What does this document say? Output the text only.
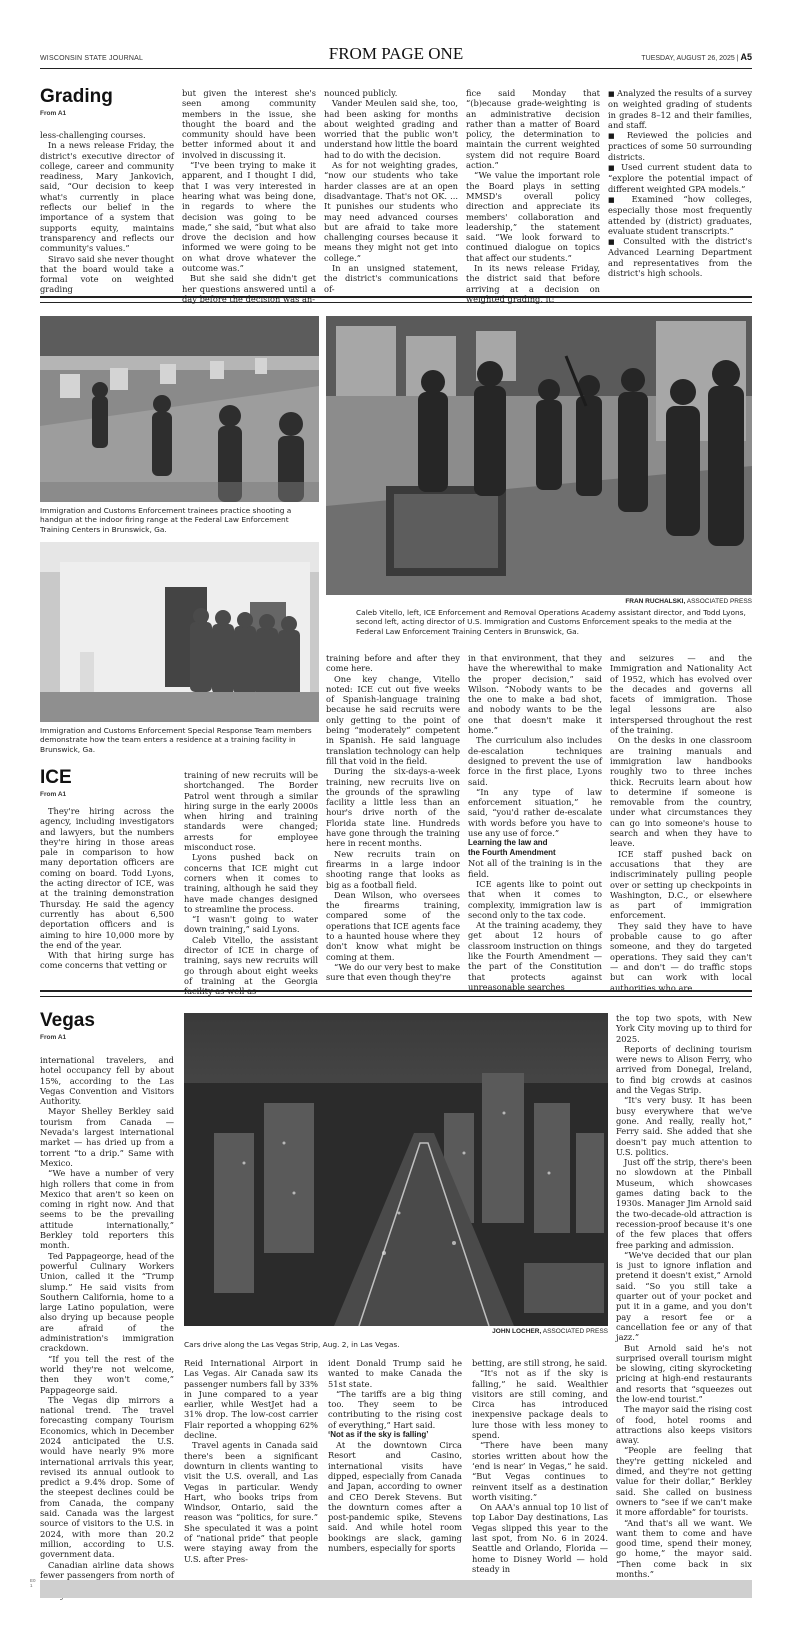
WISCONSIN STATE JOURNAL	FROM PAGE ONE	TUESDAY, AUGUST 26, 2025 | A5
Grading
From A1

less-challenging courses.

In a news release Friday, the district's executive director of college, career and community readiness, Mary Jankovich, said, “Our decision to keep what's currently in place reflects our belief in the importance of a system that supports equity, maintains transparency and reflects our community's values.”

Siravo said she never thought that the board would take a formal vote on weighted grading

but given the interest she's seen among community members in the issue, she thought the board and the community should have been better informed about it and involved in discussing it.

“I've been trying to make it apparent, and I thought I did, that I was very interested in hearing what was being done, in regards to where the decision was going to be made,” she said, “but what also drove the decision and how informed we were going to be on what drove whatever the outcome was.”

But she said she didn't get her questions answered until a day before the decision was an-

nounced publicly.

Vander Meulen said she, too, had been asking for months about weighted grading and worried that the public won't understand how little the board had to do with the decision.

As for not weighting grades, “now our students who take harder classes are at an open disadvantage. That's not OK. ... It punishes our students who may need advanced courses but are afraid to take more challenging courses because it means they might not get into college.”

In an unsigned statement, the district's communications of-

fice said Monday that “(b)ecause grade-weighting is an administrative decision rather than a matter of Board policy, the determination to maintain the current weighted system did not require Board action.”

“We value the important role the Board plays in setting MMSD's overall policy direction and appreciate its members' collaboration and leadership,” the statement said. “We look forward to continued dialogue on topics that affect our students.”

In its news release Friday, the district said that before arriving at a decision on weighted grading, it:

■ Analyzed the results of a survey on weighted grading of students in grades 8–12 and their families, and staff.

■ Reviewed the policies and practices of some 50 surrounding districts.

■ Used current student data to “explore the potential impact of different weighted GPA models.”

■ Examined “how colleges, especially those most frequently attended by (district) graduates, evaluate student transcripts.”

■ Consulted with the district's Advanced Learning Department and representatives from the district's high schools.

Immigration and Customs Enforcement trainees practice shooting a handgun at the indoor firing range at the Federal Law Enforcement Training Centers in Brunswick, Ga.
Immigration and Customs Enforcement Special Response Team members demonstrate how the team enters a residence at a training facility in Brunswick, Ga.
FRAN RUCHALSKI, ASSOCIATED PRESS
Caleb Vitello, left, ICE Enforcement and Removal Operations Academy assistant director, and Todd Lyons, second left, acting director of U.S. Immigration and Customs Enforcement speaks to the media at the Federal Law Enforcement Training Centers in Brunswick, Ga.
ICE
From A1

They're hiring across the agency, including investigators and lawyers, but the numbers they're hiring in those areas pale in comparison to how many deportation officers are coming on board. Todd Lyons, the acting director of ICE, was at the training demonstration Thursday. He said the agency currently has about 6,500 deportation officers and is aiming to hire 10,000 more by the end of the year.

With that hiring surge has come concerns that vetting or

training of new recruits will be shortchanged. The Border Patrol went through a similar hiring surge in the early 2000s when hiring and training standards were changed; arrests for employee misconduct rose.

Lyons pushed back on concerns that ICE might cut corners when it comes to training, although he said they have made changes designed to streamline the process.

“I wasn't going to water down training,” said Lyons.

Caleb Vitello, the assistant director of ICE in charge of training, says new recruits will go through about eight weeks of training at the Georgia facility as well as

training before and after they come here.

One key change, Vitello noted: ICE cut out five weeks of Spanish-language training because he said recruits were only getting to the point of being “moderately” competent in Spanish. He said language translation technology can help fill that void in the field.

During the six-days-a-week training, new recruits live on the grounds of the sprawling facility a little less than an hour's drive north of the Florida state line. Hundreds have gone through the training here in recent months.

New recruits train on firearms in a large indoor shooting range that looks as big as a football field.

Dean Wilson, who oversees the firearms training, compared some of the operations that ICE agents face to a haunted house where they don't know what might be coming at them.

“We do our very best to make sure that even though they're

in that environment, that they have the wherewithal to make the proper decision,” said Wilson. “Nobody wants to be the one to make a bad shot, and nobody wants to be the one that doesn't make it home.”

The curriculum also includes de-escalation techniques designed to prevent the use of force in the first place, Lyons said.

“In any type of law enforcement situation,” he said, “you'd rather de-escalate with words before you have to use any use of force.”

Learning the law and
the Fourth Amendment

Not all of the training is in the field.

ICE agents like to point out that when it comes to complexity, immigration law is second only to the tax code.

At the training academy, they get about 12 hours of classroom instruction on things like the Fourth Amendment — the part of the Constitution that protects against unreasonable searches

and seizures — and the Immigration and Nationality Act of 1952, which has evolved over the decades and governs all facets of immigration. Those legal lessons are also interspersed throughout the rest of the training.

On the desks in one classroom are training manuals and immigration law handbooks roughly two to three inches thick. Recruits learn about how to determine if someone is removable from the country, under what circumstances they can go into someone's house to search and when they have to leave.

ICE staff pushed back on accusations that they are indiscriminately pulling people over or setting up checkpoints in Washington, D.C., or elsewhere as part of immigration enforcement.

They said they have to have probable cause to go after someone, and they do targeted operations. They said they can't — and don't — do traffic stops but can work with local authorities who are.

Vegas
From A1

international travelers, and hotel occupancy fell by about 15%, according to the Las Vegas Convention and Visitors Authority.

Mayor Shelley Berkley said tourism from Canada — Nevada's largest international market — has dried up from a torrent “to a drip.” Same with Mexico.

“We have a number of very high rollers that come in from Mexico that aren't so keen on coming in right now. And that seems to be the prevailing attitude internationally,” Berkley told reporters this month.

Ted Pappageorge, head of the powerful Culinary Workers Union, called it the “Trump slump.” He said visits from Southern California, home to a large Latino population, were also drying up because people are afraid of the administration's immigration crackdown.

“If you tell the rest of the world they're not welcome, then they won't come,” Pappageorge said.

The Vegas dip mirrors a national trend. The travel forecasting company Tourism Economics, which in December 2024 anticipated the U.S. would have nearly 9% more international arrivals this year, revised its annual outlook to predict a 9.4% drop. Some of the steepest declines could be from Canada, the company said. Canada was the largest source of visitors to the U.S. in 2024, with more than 20.2 million, according to U.S. government data.

Canadian airline data shows fewer passengers from north of

JOHN LOCHER, ASSOCIATED PRESS
Cars drive along the Las Vegas Strip, Aug. 2, in Las Vegas.

Reid International Airport in Las Vegas. Air Canada saw its passenger numbers fall by 33% in June compared to a year earlier, while WestJet had a 31% drop. The low-cost carrier Flair reported a whopping 62% decline.

Travel agents in Canada said there's been a significant downturn in clients wanting to visit the U.S. overall, and Las Vegas in particular. Wendy Hart, who books trips from Windsor, Ontario, said the reason was “politics, for sure.” She speculated it was a point of “national pride” that people were staying away from the U.S. after Pres-

ident Donald Trump said he wanted to make Canada the 51st state.

“The tariffs are a big thing too. They seem to be contributing to the rising cost of everything,” Hart said.

‘Not as if the sky is falling’

At the downtown Circa Resort and Casino, international visits have dipped, especially from Canada and Japan, according to owner and CEO Derek Stevens. But the downturn comes after a post-pandemic spike, Stevens said. And while hotel room bookings are slack, gaming numbers, especially for sports

betting, are still strong, he said.

“It's not as if the sky is falling,” he said. Wealthier visitors are still coming, and Circa has introduced inexpensive package deals to lure those with less money to spend.

“There have been many stories written about how the ‘end is near’ in Vegas,” he said. “But Vegas continues to reinvent itself as a destination worth visiting.”

On AAA's annual top 10 list of top Labor Day destinations, Las Vegas slipped this year to the last spot, from No. 6 in 2024. Seattle and Orlando, Florida — home to Disney World — hold steady in

the top two spots, with New York City moving up to third for 2025.

Reports of declining tourism were news to Alison Ferry, who arrived from Donegal, Ireland, to find big crowds at casinos and the Vegas Strip.

“It's very busy. It has been busy everywhere that we've gone. And really, really hot,” Ferry said. She added that she doesn't pay much attention to U.S. politics.

Just off the strip, there's been no slowdown at the Pinball Museum, which showcases games dating back to the 1930s. Manager Jim Arnold said the two-decade-old attraction is recession-proof because it's one of the few places that offers free parking and admission.

“We've decided that our plan is just to ignore inflation and pretend it doesn't exist,” Arnold said. “So you still take a quarter out of your pocket and put it in a game, and you don't pay a resort fee or a cancellation fee or any of that jazz.”

But Arnold said he's not surprised overall tourism might be slowing, citing skyrocketing pricing at high-end restaurants and resorts that “squeezes out the low-end tourist.”

The mayor said the rising cost of food, hotel rooms and attractions also keeps visitors away.

“People are feeling that they're getting nickeled and dimed, and they're not getting value for their dollar,” Berkley said. She called on business owners to “see if we can't make it more affordable” for tourists.

“And that's all we want. We want them to come and have good time, spend their money, go home,” the mayor said. “Then come back in six months.”

E0
1
